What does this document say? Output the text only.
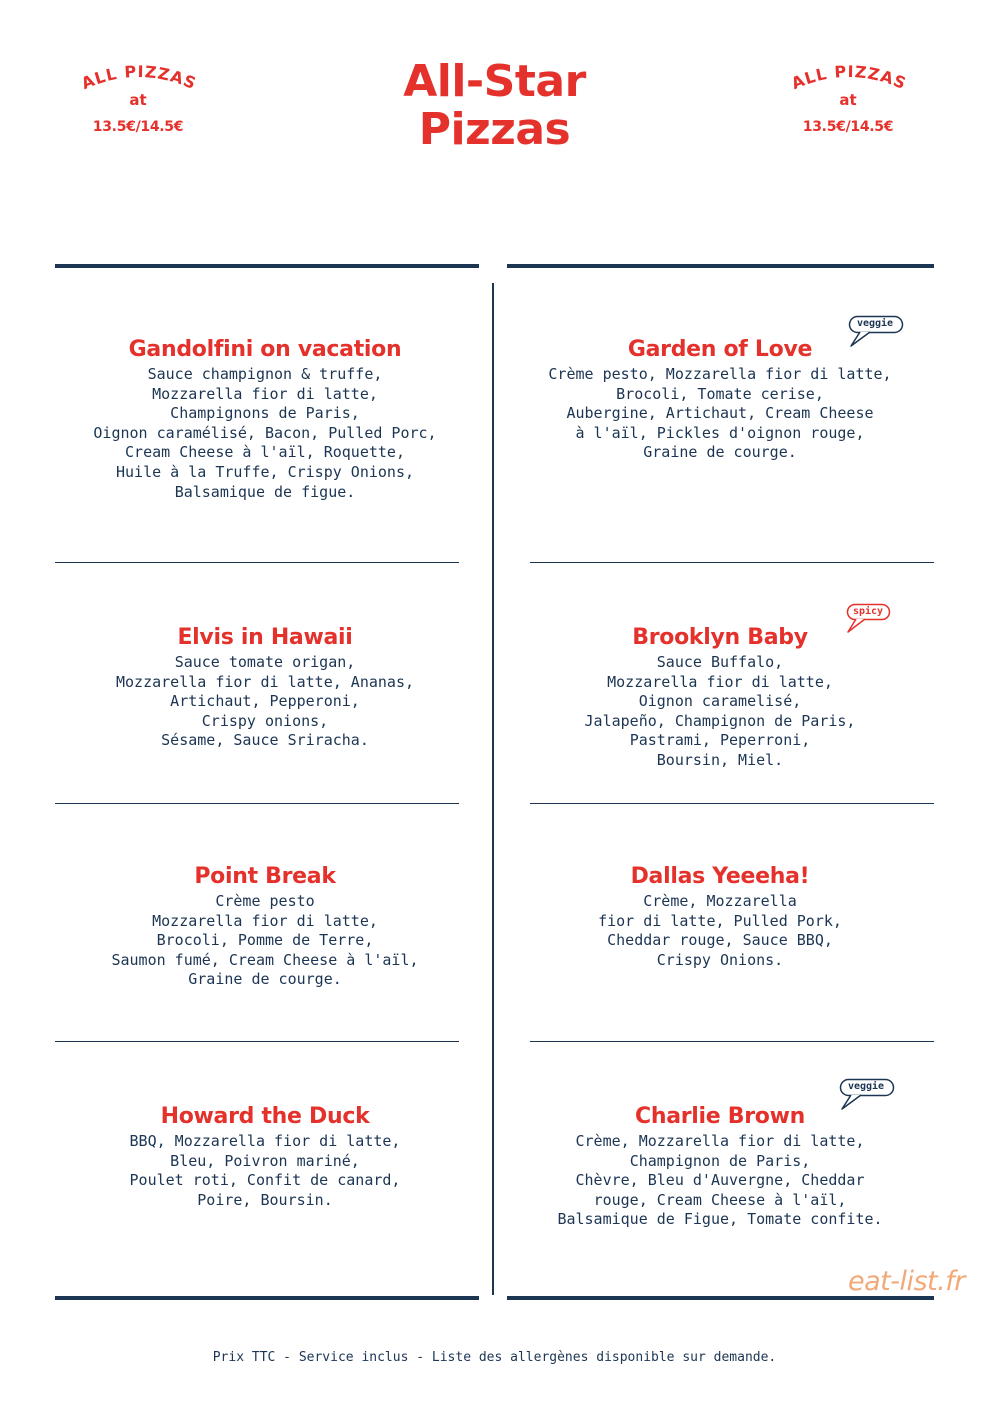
All-Star
Pizzas
ALL PIZZAS
at
13.5€/14.5€
ALL PIZZAS
at
13.5€/14.5€
Gandolfini on vacation
Sauce champignon & truffe,
Mozzarella fior di latte,
Champignons de Paris,
Oignon caramélisé, Bacon, Pulled Porc,
Cream Cheese à l'aïl, Roquette,
Huile à la Truffe, Crispy Onions,
Balsamique de figue.
Garden of Love
Crème pesto, Mozzarella fior di latte,
Brocoli, Tomate cerise,
Aubergine, Artichaut, Cream Cheese
à l'aïl, Pickles d'oignon rouge,
Graine de courge.
Elvis in Hawaii
Sauce tomate origan,
Mozzarella fior di latte, Ananas,
Artichaut, Pepperoni,
Crispy onions,
Sésame, Sauce Sriracha.
Brooklyn Baby
Sauce Buffalo,
Mozzarella fior di latte,
Oignon caramelisé,
Jalapeño, Champignon de Paris,
Pastrami, Peperroni,
Boursin, Miel.
Point Break
Crème pesto
Mozzarella fior di latte,
Brocoli, Pomme de Terre,
Saumon fumé, Cream Cheese à l'aïl,
Graine de courge.
Dallas Yeeeha!
Crème, Mozzarella
fior di latte, Pulled Pork,
Cheddar rouge, Sauce BBQ,
Crispy Onions.
Howard the Duck
BBQ, Mozzarella fior di latte,
Bleu, Poivron mariné,
Poulet roti, Confit de canard,
Poire, Boursin.
Charlie Brown
Crème, Mozzarella fior di latte,
Champignon de Paris,
Chèvre, Bleu d'Auvergne, Cheddar
rouge, Cream Cheese à l'aïl,
Balsamique de Figue, Tomate confite.
veggie
spicy
veggie
eat-list.fr
Prix TTC - Service inclus - Liste des allergènes disponible sur demande.
